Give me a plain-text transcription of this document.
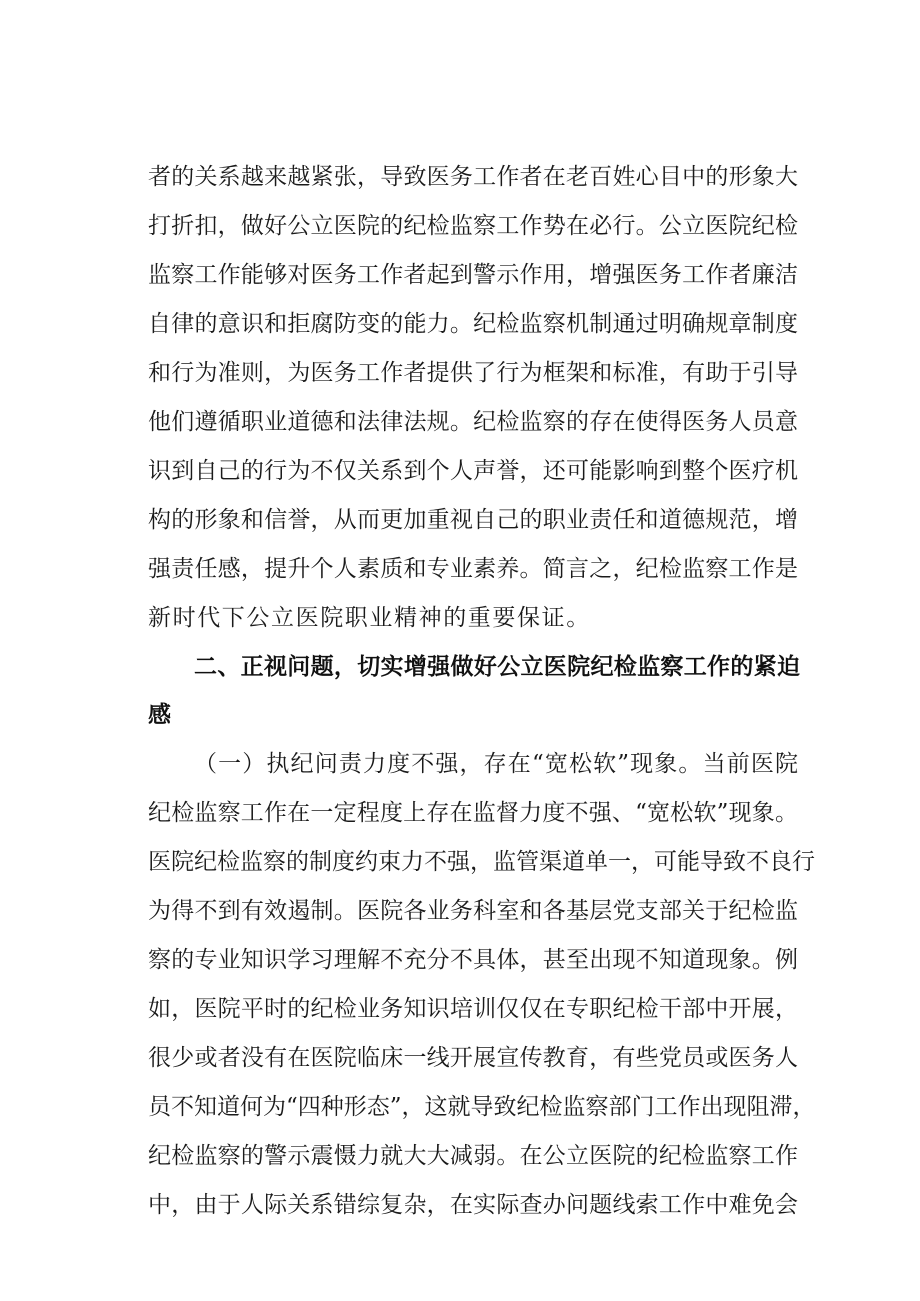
者的关系越来越紧张，导致医务工作者在老百姓心目中的形象大
打折扣，做好公立医院的纪检监察工作势在必行。公立医院纪检
监察工作能够对医务工作者起到警示作用，增强医务工作者廉洁
自律的意识和拒腐防变的能力。纪检监察机制通过明确规章制度
和行为准则，为医务工作者提供了行为框架和标准，有助于引导
他们遵循职业道德和法律法规。纪检监察的存在使得医务人员意
识到自己的行为不仅关系到个人声誉，还可能影响到整个医疗机
构的形象和信誉，从而更加重视自己的职业责任和道德规范，增
强责任感，提升个人素质和专业素养。简言之，纪检监察工作是
新时代下公立医院职业精神的重要保证。
二、正视问题，切实增强做好公立医院纪检监察工作的紧迫
感
（一）执纪问责力度不强，存在“宽松软”现象。当前医院
纪检监察工作在一定程度上存在监督力度不强、“宽松软”现象。
医院纪检监察的制度约束力不强，监管渠道单一，可能导致不良行
为得不到有效遏制。医院各业务科室和各基层党支部关于纪检监
察的专业知识学习理解不充分不具体，甚至出现不知道现象。例
如，医院平时的纪检业务知识培训仅仅在专职纪检干部中开展，
很少或者没有在医院临床一线开展宣传教育，有些党员或医务人
员不知道何为“四种形态”，这就导致纪检监察部门工作出现阻滞，
纪检监察的警示震慑力就大大减弱。在公立医院的纪检监察工作
中，由于人际关系错综复杂，在实际查办问题线索工作中难免会
